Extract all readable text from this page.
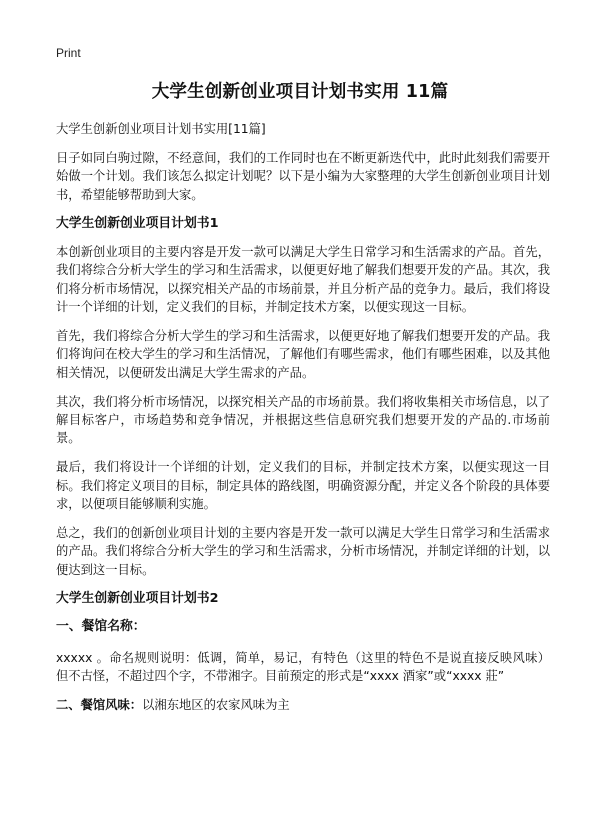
Print
大学生创新创业项目计划书实用 11篇
大学生创新创业项目计划书实用[11篇]

日子如同白驹过隙，不经意间，我们的工作同时也在不断更新迭代中，此时此刻我们需要开始做一个计划。我们该怎么拟定计划呢？以下是小编为大家整理的大学生创新创业项目计划书，希望能够帮助到大家。

大学生创新创业项目计划书1

本创新创业项目的主要内容是开发一款可以满足大学生日常学习和生活需求的产品。首先，我们将综合分析大学生的学习和生活需求，以便更好地了解我们想要开发的产品。其次，我们将分析市场情况，以探究相关产品的市场前景，并且分析产品的竞争力。最后，我们将设计一个详细的计划，定义我们的目标，并制定技术方案，以便实现这一目标。

首先，我们将综合分析大学生的学习和生活需求，以便更好地了解我们想要开发的产品。我们将询问在校大学生的学习和生活情况，了解他们有哪些需求，他们有哪些困难，以及其他相关情况，以便研发出满足大学生需求的产品。

其次，我们将分析市场情况，以探究相关产品的市场前景。我们将收集相关市场信息，以了解目标客户，市场趋势和竞争情况，并根据这些信息研究我们想要开发的产品的.市场前景。

最后，我们将设计一个详细的计划，定义我们的目标，并制定技术方案，以便实现这一目标。我们将定义项目的目标，制定具体的路线图，明确资源分配，并定义各个阶段的具体要求，以便项目能够顺利实施。

总之，我们的创新创业项目计划的主要内容是开发一款可以满足大学生日常学习和生活需求的产品。我们将综合分析大学生的学习和生活需求，分析市场情况，并制定详细的计划，以便达到这一目标。

大学生创新创业项目计划书2
一、餐馆名称：

xxxxx 。命名规则说明：低调，简单，易记，有特色（这里的特色不是说直接反映风味）但不古怪，不超过四个字，不带湘字。目前预定的形式是“xxxx 酒家”或“xxxx 莊”

二、餐馆风味：以湘东地区的农家风味为主
